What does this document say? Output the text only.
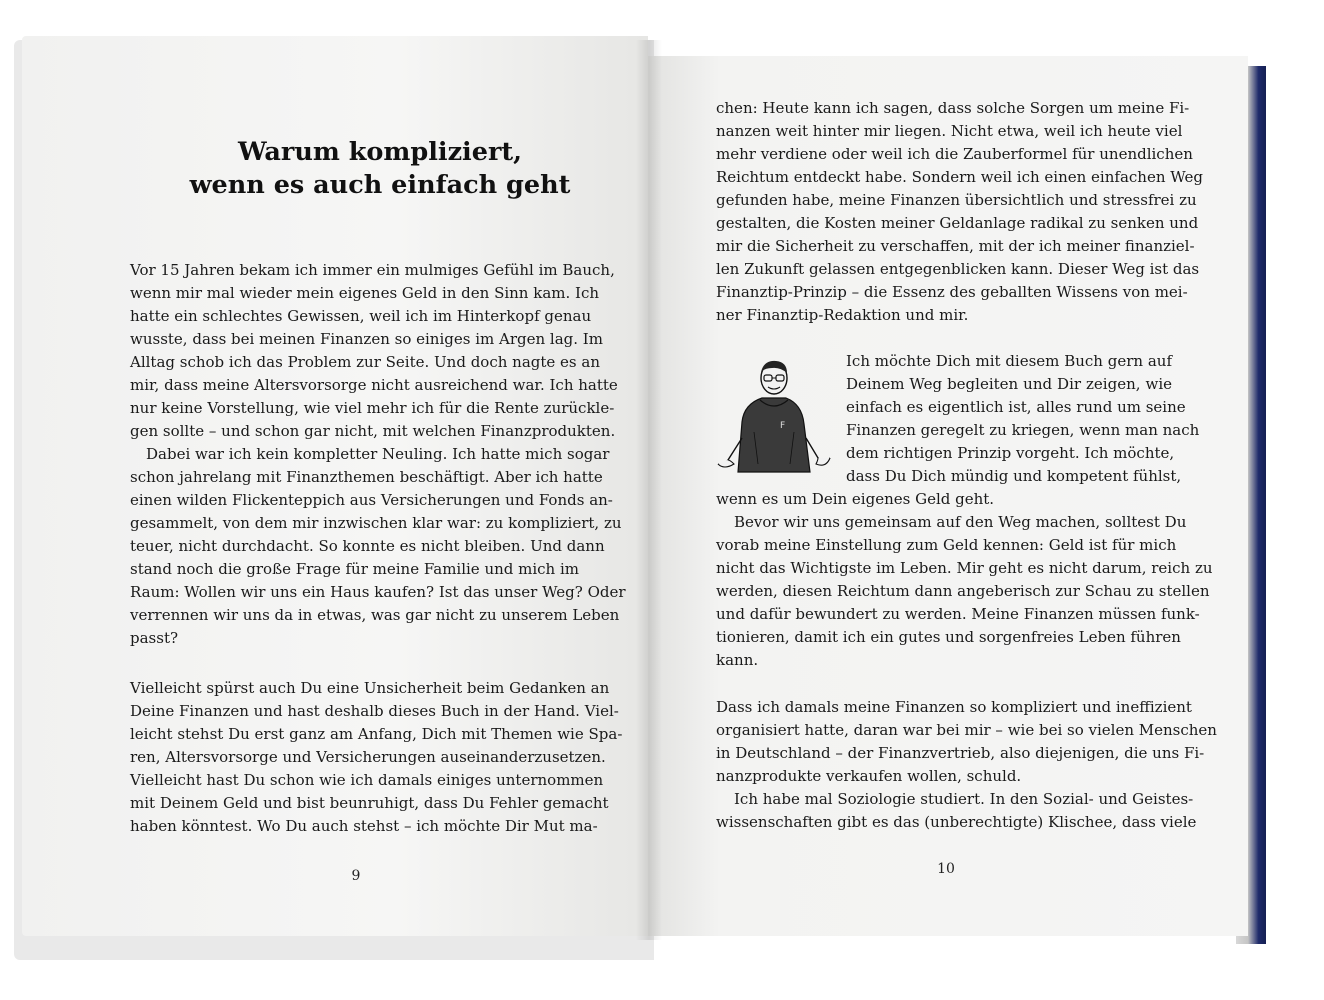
Warum kompliziert,
wenn es auch einfach geht
Vor 15 Jahren bekam ich immer ein mulmiges Gefühl im Bauch,
wenn mir mal wieder mein eigenes Geld in den Sinn kam. Ich
hatte ein schlechtes Gewissen, weil ich im Hinterkopf genau
wusste, dass bei meinen Finanzen so einiges im Argen lag. Im
Alltag schob ich das Problem zur Seite. Und doch nagte es an
mir, dass meine Altersvorsorge nicht ausreichend war. Ich hatte
nur keine Vorstellung, wie viel mehr ich für die Rente zurückle-
gen sollte – und schon gar nicht, mit welchen Finanzprodukten.
Dabei war ich kein kompletter Neuling. Ich hatte mich sogar
schon jahrelang mit Finanzthemen beschäftigt. Aber ich hatte
einen wilden Flickenteppich aus Versicherungen und Fonds an-
gesammelt, von dem mir inzwischen klar war: zu kompliziert, zu
teuer, nicht durchdacht. So konnte es nicht bleiben. Und dann
stand noch die große Frage für meine Familie und mich im
Raum: Wollen wir uns ein Haus kaufen? Ist das unser Weg? Oder
verrennen wir uns da in etwas, was gar nicht zu unserem Leben
passt?
Vielleicht spürst auch Du eine Unsicherheit beim Gedanken an
Deine Finanzen und hast deshalb dieses Buch in der Hand. Viel-
leicht stehst Du erst ganz am Anfang, Dich mit Themen wie Spa-
ren, Altersvorsorge und Versicherungen auseinanderzusetzen.
Vielleicht hast Du schon wie ich damals einiges unternommen
mit Deinem Geld und bist beunruhigt, dass Du Fehler gemacht
haben könntest. Wo Du auch stehst – ich möchte Dir Mut ma-
9
chen: Heute kann ich sagen, dass solche Sorgen um meine Fi-
nanzen weit hinter mir liegen. Nicht etwa, weil ich heute viel
mehr verdiene oder weil ich die Zauberformel für unendlichen
Reichtum entdeckt habe. Sondern weil ich einen einfachen Weg
gefunden habe, meine Finanzen übersichtlich und stressfrei zu
gestalten, die Kosten meiner Geldanlage radikal zu senken und
mir die Sicherheit zu verschaffen, mit der ich meiner finanziel-
len Zukunft gelassen entgegenblicken kann. Dieser Weg ist das
Finanztip-Prinzip – die Essenz des geballten Wissens von mei-
ner Finanztip-Redaktion und mir.
F
Ich möchte Dich mit diesem Buch gern auf
Deinem Weg begleiten und Dir zeigen, wie
einfach es eigentlich ist, alles rund um seine
Finanzen geregelt zu kriegen, wenn man nach
dem richtigen Prinzip vorgeht. Ich möchte,
dass Du Dich mündig und kompetent fühlst,
wenn es um Dein eigenes Geld geht.
Bevor wir uns gemeinsam auf den Weg machen, solltest Du
vorab meine Einstellung zum Geld kennen: Geld ist für mich
nicht das Wichtigste im Leben. Mir geht es nicht darum, reich zu
werden, diesen Reichtum dann angeberisch zur Schau zu stellen
und dafür bewundert zu werden. Meine Finanzen müssen funk-
tionieren, damit ich ein gutes und sorgenfreies Leben führen
kann.
Dass ich damals meine Finanzen so kompliziert und ineffizient
organisiert hatte, daran war bei mir – wie bei so vielen Menschen
in Deutschland – der Finanzvertrieb, also diejenigen, die uns Fi-
nanzprodukte verkaufen wollen, schuld.
Ich habe mal Soziologie studiert. In den Sozial- und Geistes-
wissenschaften gibt es das (unberechtigte) Klischee, dass viele
10
